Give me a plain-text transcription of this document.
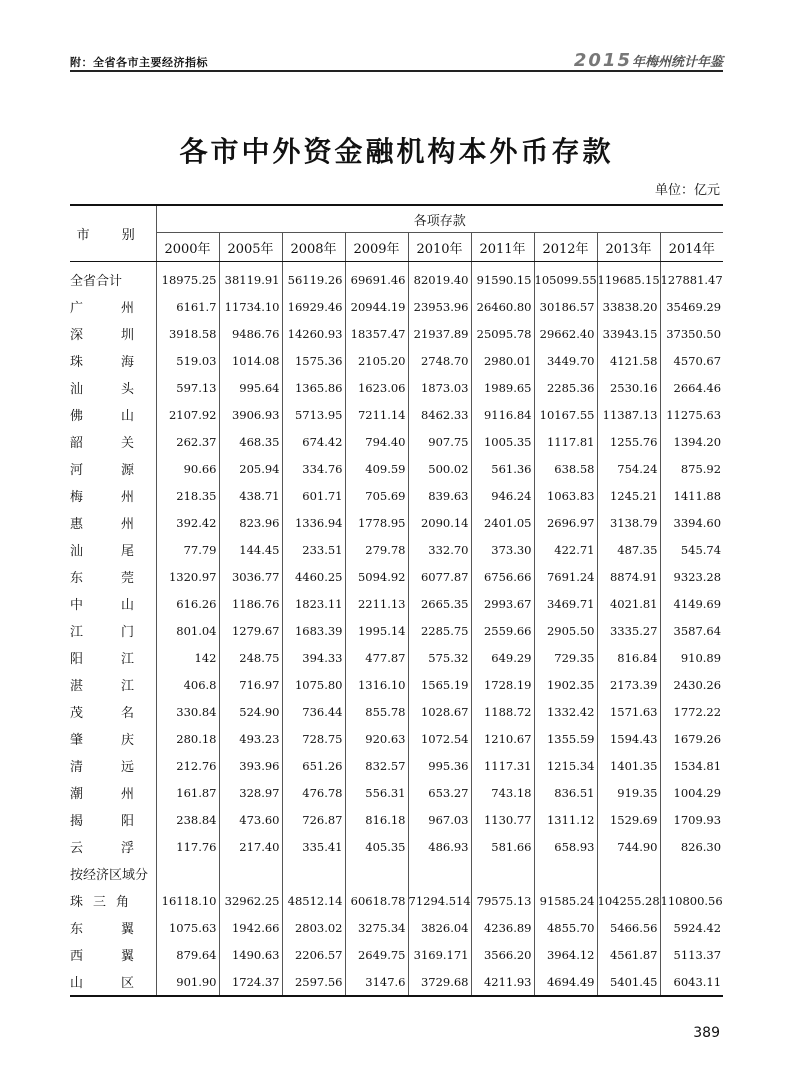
附：全省各市主要经济指标	2015年梅州统计年鉴
各市中外资金融机构本外币存款
单位：亿元
市 别	各项存款								
	2000年	2005年	2008年	2009年	2010年	2011年	2012年	2013年	2014年
全省合计	18975.25	38119.91	56119.26	69691.46	82019.40	91590.15	105099.55	119685.15	127881.47
广州	6161.7	11734.10	16929.46	20944.19	23953.96	26460.80	30186.57	33838.20	35469.29
深圳	3918.58	9486.76	14260.93	18357.47	21937.89	25095.78	29662.40	33943.15	37350.50
珠海	519.03	1014.08	1575.36	2105.20	2748.70	2980.01	3449.70	4121.58	4570.67
汕头	597.13	995.64	1365.86	1623.06	1873.03	1989.65	2285.36	2530.16	2664.46
佛山	2107.92	3906.93	5713.95	7211.14	8462.33	9116.84	10167.55	11387.13	11275.63
韶关	262.37	468.35	674.42	794.40	907.75	1005.35	1117.81	1255.76	1394.20
河源	90.66	205.94	334.76	409.59	500.02	561.36	638.58	754.24	875.92
梅州	218.35	438.71	601.71	705.69	839.63	946.24	1063.83	1245.21	1411.88
惠州	392.42	823.96	1336.94	1778.95	2090.14	2401.05	2696.97	3138.79	3394.60
汕尾	77.79	144.45	233.51	279.78	332.70	373.30	422.71	487.35	545.74
东莞	1320.97	3036.77	4460.25	5094.92	6077.87	6756.66	7691.24	8874.91	9323.28
中山	616.26	1186.76	1823.11	2211.13	2665.35	2993.67	3469.71	4021.81	4149.69
江门	801.04	1279.67	1683.39	1995.14	2285.75	2559.66	2905.50	3335.27	3587.64
阳江	142	248.75	394.33	477.87	575.32	649.29	729.35	816.84	910.89
湛江	406.8	716.97	1075.80	1316.10	1565.19	1728.19	1902.35	2173.39	2430.26
茂名	330.84	524.90	736.44	855.78	1028.67	1188.72	1332.42	1571.63	1772.22
肇庆	280.18	493.23	728.75	920.63	1072.54	1210.67	1355.59	1594.43	1679.26
清远	212.76	393.96	651.26	832.57	995.36	1117.31	1215.34	1401.35	1534.81
潮州	161.87	328.97	476.78	556.31	653.27	743.18	836.51	919.35	1004.29
揭阳	238.84	473.60	726.87	816.18	967.03	1130.77	1311.12	1529.69	1709.93
云浮	117.76	217.40	335.41	405.35	486.93	581.66	658.93	744.90	826.30
按经济区域分									
珠三角	16118.10	32962.25	48512.14	60618.78	71294.514	79575.13	91585.24	104255.28	110800.56
东翼	1075.63	1942.66	2803.02	3275.34	3826.04	4236.89	4855.70	5466.56	5924.42
西翼	879.64	1490.63	2206.57	2649.75	3169.171	3566.20	3964.12	4561.87	5113.37
山区	901.90	1724.37	2597.56	3147.6	3729.68	4211.93	4694.49	5401.45	6043.11
389
